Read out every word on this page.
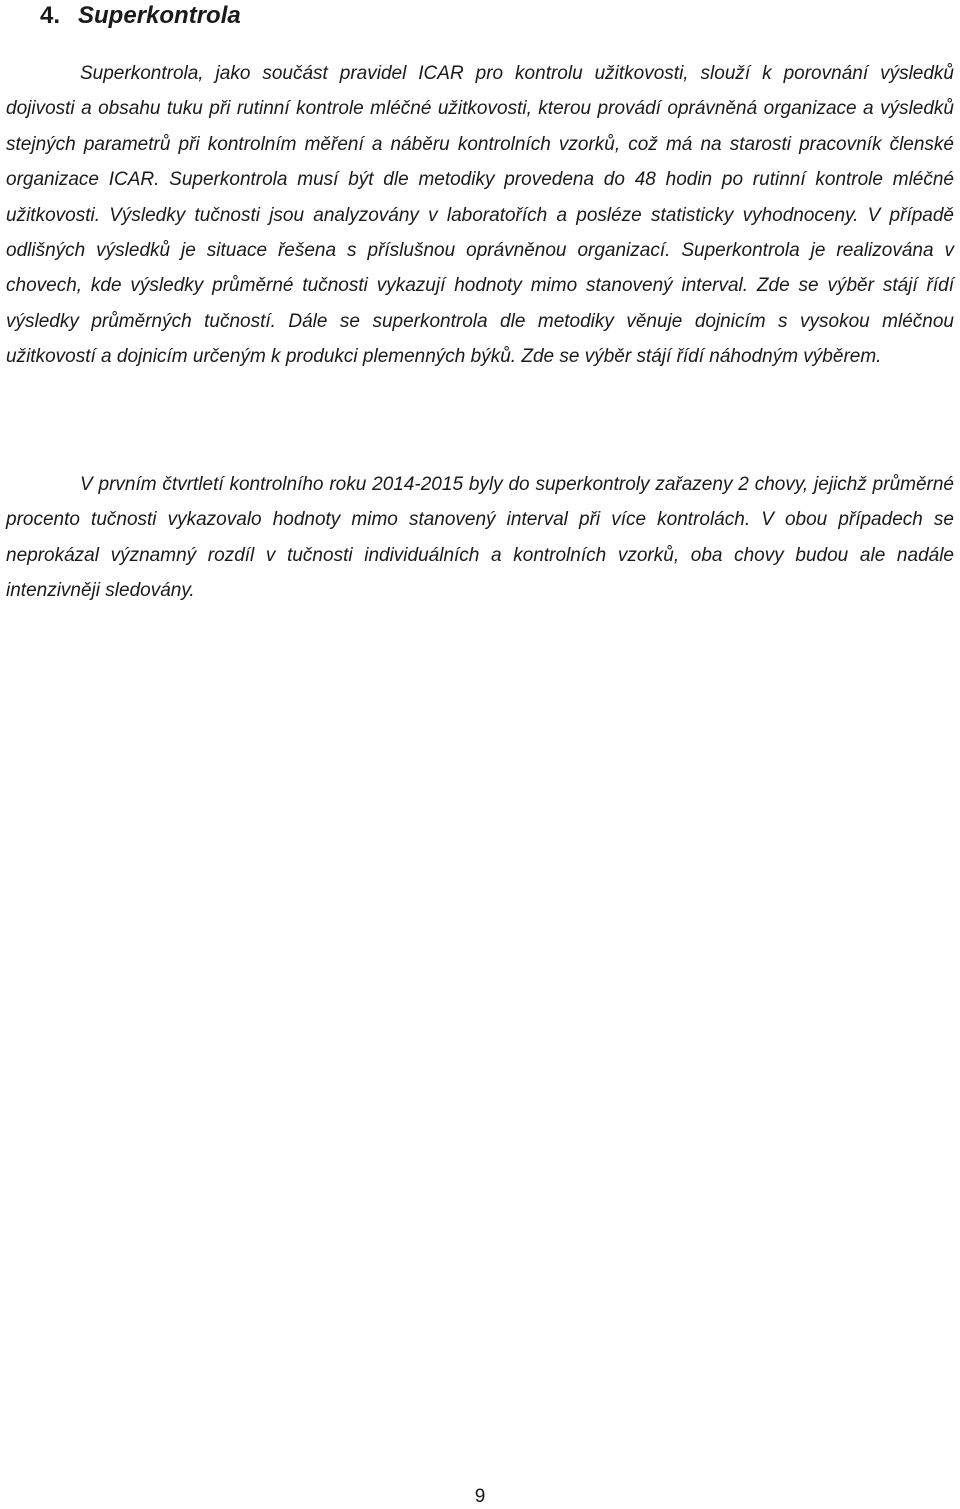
4. Superkontrola

Superkontrola, jako součást pravidel ICAR pro kontrolu užitkovosti, slouží k porovnání výsledků dojivosti a obsahu tuku při rutinní kontrole mléčné užitkovosti, kterou provádí oprávněná organizace a výsledků stejných parametrů při kontrolním měření a náběru kontrolních vzorků, což má na starosti pracovník členské organizace ICAR. Superkontrola musí být dle metodiky provedena do 48 hodin po rutinní kontrole mléčné užitkovosti. Výsledky tučnosti jsou analyzovány v laboratořích a posléze statisticky vyhodnoceny. V případě odlišných výsledků je situace řešena s příslušnou oprávněnou organizací. Superkontrola je realizována v chovech, kde výsledky průměrné tučnosti vykazují hodnoty mimo stanovený interval. Zde se výběr stájí řídí výsledky průměrných tučností. Dále se superkontrola dle metodiky věnuje dojnicím s vysokou mléčnou užitkovostí a dojnicím určeným k produkci plemenných býků. Zde se výběr stájí řídí náhodným výběrem.

V prvním čtvrtletí kontrolního roku 2014-2015 byly do superkontroly zařazeny 2 chovy, jejichž průměrné procento tučnosti vykazovalo hodnoty mimo stanovený interval při více kontrolách. V obou případech se neprokázal významný rozdíl v tučnosti individuálních a kontrolních vzorků, oba chovy budou ale nadále intenzivněji sledovány.

9
